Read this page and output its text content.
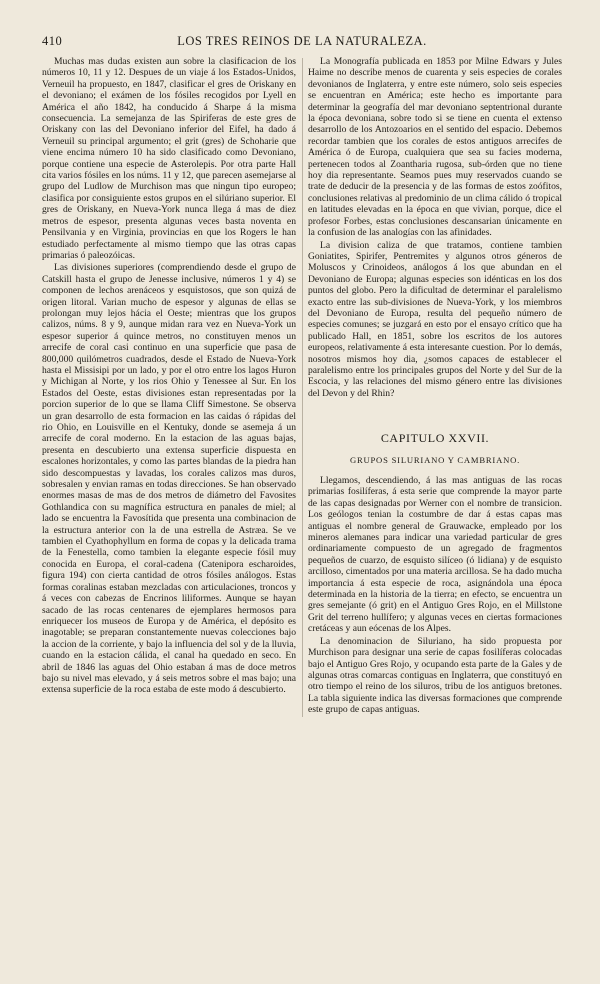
410	LOS TRES REINOS DE LA NATURALEZA.

Muchas mas dudas existen aun sobre la clasificacion de los números 10, 11 y 12. Despues de un viaje á los Estados-Unidos, Verneuil ha propuesto, en 1847, clasificar el gres de Oriskany en el devoniano; el exámen de los fósiles recogidos por Lyell en América el año 1842, ha conducido á Sharpe á la misma consecuencia. La semejanza de las Spiriferas de este gres de Oriskany con las del Devoniano inferior del Eifel, ha dado á Verneuil su principal argumento; el grit (gres) de Schoharie que viene encima número 10 ha sido clasificado como Devoniano, porque contiene una especie de Asterolepis. Por otra parte Hall cita varios fósiles en los núms. 11 y 12, que parecen asemejarse al grupo del Ludlow de Murchison mas que ningun tipo europeo; clasifica por consiguiente estos grupos en el silúriano superior. El gres de Oriskany, en Nueva-York nunca llega á mas de diez metros de espesor, presenta algunas veces basta noventa en Pensilvania y en Virginia, provincias en que los Rogers le han estudiado perfectamente al mismo tiempo que las otras capas primarias ó paleozóicas.

Las divisiones superiores (comprendiendo desde el grupo de Catskill hasta el grupo de Jenesse inclusive, números 1 y 4) se componen de lechos arenáceos y esquistosos, que son quizá de origen litoral. Varian mucho de espesor y algunas de ellas se prolongan muy lejos hácia el Oeste; mientras que los grupos calizos, núms. 8 y 9, aunque midan rara vez en Nueva-York un espesor superior á quince metros, no constituyen menos un arrecife de coral casi continuo en una superficie que pasa de 800,000 quilómetros cuadrados, desde el Estado de Nueva-York hasta el Missisipi por un lado, y por el otro entre los lagos Huron y Michigan al Norte, y los rios Ohio y Tenessee al Sur. En los Estados del Oeste, estas divisiones estan representadas por la porcion superior de lo que se llama Cliff Simestone. Se observa un gran desarrollo de esta formacion en las caidas ó rápidas del rio Ohio, en Louisville en el Kentuky, donde se asemeja á un arrecife de coral moderno. En la estacion de las aguas bajas, presenta en descubierto una extensa superficie dispuesta en escalones horizontales, y como las partes blandas de la piedra han sido descompuestas y lavadas, los corales calizos mas duros, sobresalen y envian ramas en todas direcciones. Se han observado enormes masas de mas de dos metros de diámetro del Favosites Gothlandica con su magnífica estructura en panales de miel; al lado se encuentra la Favosítida que presenta una combinacion de la estructura anterior con la de una estrella de Astræa. Se ve tambien el Cyathophyllum en forma de copas y la delicada trama de la Fenestella, como tambien la elegante especie fósil muy conocida en Europa, el coral-cadena (Catenipora escharoides, figura 194) con cierta cantidad de otros fósiles análogos. Estas formas coralinas estaban mezcladas con articulaciones, troncos y á veces con cabezas de Encrinos liliformes. Aunque se hayan sacado de las rocas centenares de ejemplares hermosos para enriquecer los museos de Europa y de América, el depósito es inagotable; se preparan constantemente nuevas colecciones bajo la accion de la corriente, y bajo la influencia del sol y de la lluvia, cuando en la estacion cálida, el canal ha quedado en seco. En abril de 1846 las aguas del Ohio estaban á mas de doce metros bajo su nivel mas elevado, y á seis metros sobre el mas bajo; una extensa superficie de la roca estaba de este modo á descubierto.

La Monografía publicada en 1853 por Milne Edwars y Jules Haime no describe menos de cuarenta y seis especies de corales devonianos de Inglaterra, y entre este número, solo seis especies se encuentran en América; este hecho es importante para determinar la geografía del mar devoniano septentrional durante la época devoniana, sobre todo si se tiene en cuenta el extenso desarrollo de los Antozoarios en el sentido del espacio. Debemos recordar tambien que los corales de estos antiguos arrecifes de América ó de Europa, cualquiera que sea su facies moderna, pertenecen todos al Zoantharia rugosa, sub-órden que no tiene hoy dia representante. Seamos pues muy reservados cuando se trate de deducir de la presencia y de las formas de estos zoófitos, conclusiones relativas al predominio de un clima cálido ó tropical en latitudes elevadas en la época en que vivian, porque, dice el profesor Forbes, estas conclusiones descansarian únicamente en la confusion de las analogías con las afinidades.

La division caliza de que tratamos, contiene tambien Goniatites, Spirifer, Pentremites y algunos otros géneros de Moluscos y Crinoideos, análogos á los que abundan en el Devoniano de Europa; algunas especies son idénticas en los dos puntos del globo. Pero la dificultad de determinar el paralelismo exacto entre las sub-divisiones de Nueva-York, y los miembros del Devoniano de Europa, resulta del pequeño número de especies comunes; se juzgará en esto por el ensayo crítico que ha publicado Hall, en 1851, sobre los escritos de los autores europeos, relativamente á esta interesante cuestion. Por lo demás, nosotros mismos hoy dia, ¿somos capaces de establecer el paralelismo entre los principales grupos del Norte y del Sur de la Escocia, y las relaciones del mismo género entre las divisiones del Devon y del Rhin?

CAPITULO XXVII.
GRUPOS SILURIANO Y CAMBRIANO.

Llegamos, descendiendo, á las mas antiguas de las rocas primarias fosilíferas, á esta serie que comprende la mayor parte de las capas designadas por Werner con el nombre de transicion. Los geólogos tenian la costumbre de dar á estas capas mas antiguas el nombre general de Grauwacke, empleado por los mineros alemanes para indicar una variedad particular de gres ordinariamente compuesto de un agregado de fragmentos pequeños de cuarzo, de esquisto silíceo (ó lidiana) y de esquisto arcilloso, cimentados por una materia arcillosa. Se ha dado mucha importancia á esta especie de roca, asignándola una época determinada en la historia de la tierra; en efecto, se encuentra un gres semejante (ó grit) en el Antiguo Gres Rojo, en el Millstone Grit del terreno hullífero; y algunas veces en ciertas formaciones cretáceas y aun eócenas de los Alpes.

La denominacion de Siluriano, ha sido propuesta por Murchison para designar una serie de capas fosilíferas colocadas bajo el Antiguo Gres Rojo, y ocupando esta parte de la Gales y de algunas otras comarcas contiguas en Inglaterra, que constituyó en otro tiempo el reino de los siluros, tribu de los antiguos bretones. La tabla siguiente indica las diversas formaciones que comprende este grupo de capas antiguas.
